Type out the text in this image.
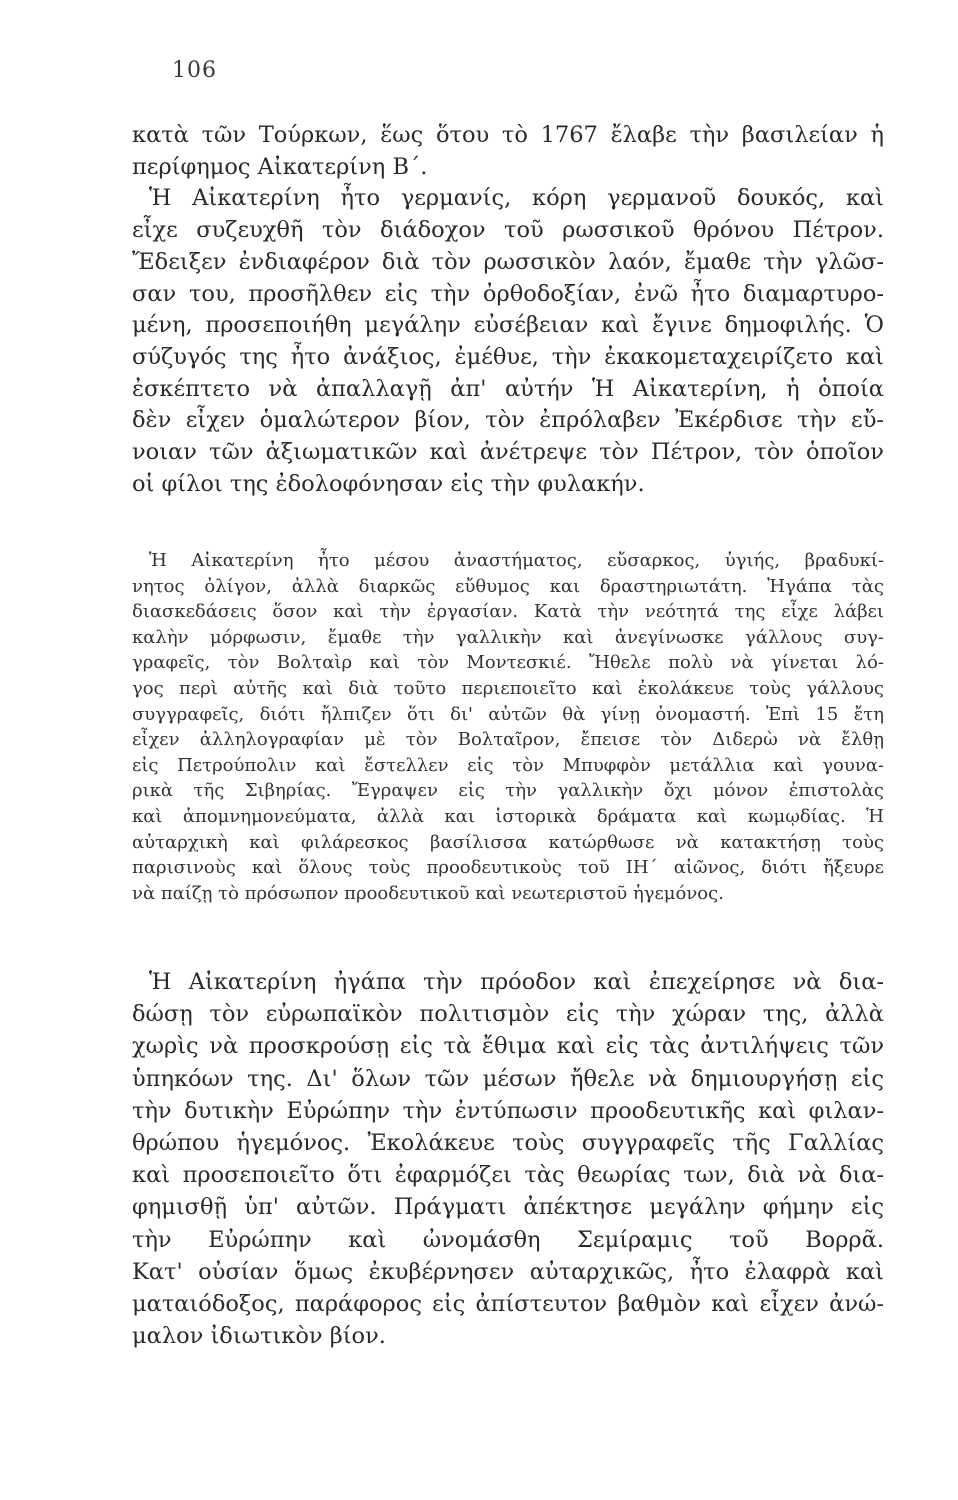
106
κατὰ τῶν Τούρκων, ἕως ὅτου τὸ 1767 ἔλαβε τὴν βασιλείαν ἡ
περίφημος Αἰκατερίνη Β΄.
Ἡ Αἰκατερίνη ἦτο γερμανίς, κόρη γερμανοῦ δουκός, καὶ
εἶχε συζευχθῆ τὸν διάδοχον τοῦ ρωσσικοῦ θρόνου Πέτρον.
Ἔδειξεν ἐνδιαφέρον διὰ τὸν ρωσσικὸν λαόν, ἔμαθε τὴν γλῶσ-
σαν του, προσῆλθεν εἰς τὴν ὀρθοδοξίαν, ἐνῶ ἦτο διαμαρτυρο-
μένη, προσεποιήθη μεγάλην εὐσέβειαν καὶ ἔγινε δημοφιλής. Ὁ
σύζυγός της ἦτο ἀνάξιος, ἐμέθυε, τὴν ἐκακομεταχειρίζετο καὶ
ἐσκέπτετο νὰ ἀπαλλαγῇ ἀπ' αὐτήν Ἡ Αἰκατερίνη, ἡ ὁποία
δὲν εἶχεν ὁμαλώτερον βίον, τὸν ἐπρόλαβεν Ἐκέρδισε τὴν εὔ-
νοιαν τῶν ἀξιωματικῶν καὶ ἀνέτρεψε τὸν Πέτρον, τὸν ὁποῖον
οἱ φίλοι της ἐδολοφόνησαν εἰς τὴν φυλακήν.
Ἡ Αἰκατερίνη ἦτο μέσου ἀναστήματος, εὔσαρκος, ὑγιής, βραδυκί-
νητος ὀλίγον, ἀλλὰ διαρκῶς εὔθυμος και δραστηριωτάτη. Ἠγάπα τὰς
διασκεδάσεις ὅσον καὶ τὴν ἐργασίαν. Κατὰ τὴν νεότητά της εἶχε λάβει
καλὴν μόρφωσιν, ἔμαθε τὴν γαλλικὴν καὶ ἀνεγίνωσκε γάλλους συγ-
γραφεῖς, τὸν Βολταὶρ καὶ τὸν Μοντεσκιέ. Ἤθελε πολὺ νὰ γίνεται λό-
γος περὶ αὐτῆς καὶ διὰ τοῦτο περιεποιεῖτο καὶ ἐκολάκευε τοὺς γάλλους
συγγραφεῖς, διότι ἤλπιζεν ὅτι δι' αὐτῶν θὰ γίνῃ ὀνομαστή. Ἐπὶ 15 ἔτη
εἶχεν ἀλληλογραφίαν μὲ τὸν Βολταῖρον, ἔπεισε τὸν Διδερὼ νὰ ἔλθῃ
εἰς Πετρούπολιν καὶ ἔστελλεν εἰς τὸν Μπυφφὸν μετάλλια καὶ γουνα-
ρικὰ τῆς Σιβηρίας. Ἔγραψεν εἰς τὴν γαλλικὴν ὄχι μόνον ἐπιστολὰς
καὶ ἀπομνημονεύματα, ἀλλὰ και ἱστορικὰ δράματα καὶ κωμῳδίας. Ἡ
αὐταρχικὴ καὶ φιλάρεσκος βασίλισσα κατώρθωσε νὰ κατακτήσῃ τοὺς
παρισινοὺς καὶ ὅλους τοὺς προοδευτικοὺς τοῦ ΙΗ΄ αἰῶνος, διότι ἤξευρε
νὰ παίζῃ τὸ πρόσωπον προοδευτικοῦ καὶ νεωτεριστοῦ ἡγεμόνος.
Ἡ Αἰκατερίνη ἠγάπα τὴν πρόοδον καὶ ἐπεχείρησε νὰ δια-
δώσῃ τὸν εὐρωπαϊκὸν πολιτισμὸν εἰς τὴν χώραν της, ἀλλὰ
χωρὶς νὰ προσκρούσῃ εἰς τὰ ἔθιμα καὶ εἰς τὰς ἀντιλήψεις τῶν
ὑπηκόων της. Δι' ὅλων τῶν μέσων ἤθελε νὰ δημιουργήσῃ εἰς
τὴν δυτικὴν Εὐρώπην τὴν ἐντύπωσιν προοδευτικῆς καὶ φιλαν-
θρώπου ἡγεμόνος. Ἐκολάκευε τοὺς συγγραφεῖς τῆς Γαλλίας
καὶ προσεποιεῖτο ὅτι ἐφαρμόζει τὰς θεωρίας των, διὰ νὰ δια-
φημισθῇ ὑπ' αὐτῶν. Πράγματι ἀπέκτησε μεγάλην φήμην εἰς
τὴν Εὐρώπην καὶ ὠνομάσθη Σεμίραμις τοῦ Βορρᾶ.
Κατ' οὐσίαν ὅμως ἐκυβέρνησεν αὐταρχικῶς, ἦτο ἐλαφρὰ καὶ
ματαιόδοξος, παράφορος εἰς ἀπίστευτον βαθμὸν καὶ εἶχεν ἀνώ-
μαλον ἰδιωτικὸν βίον.
